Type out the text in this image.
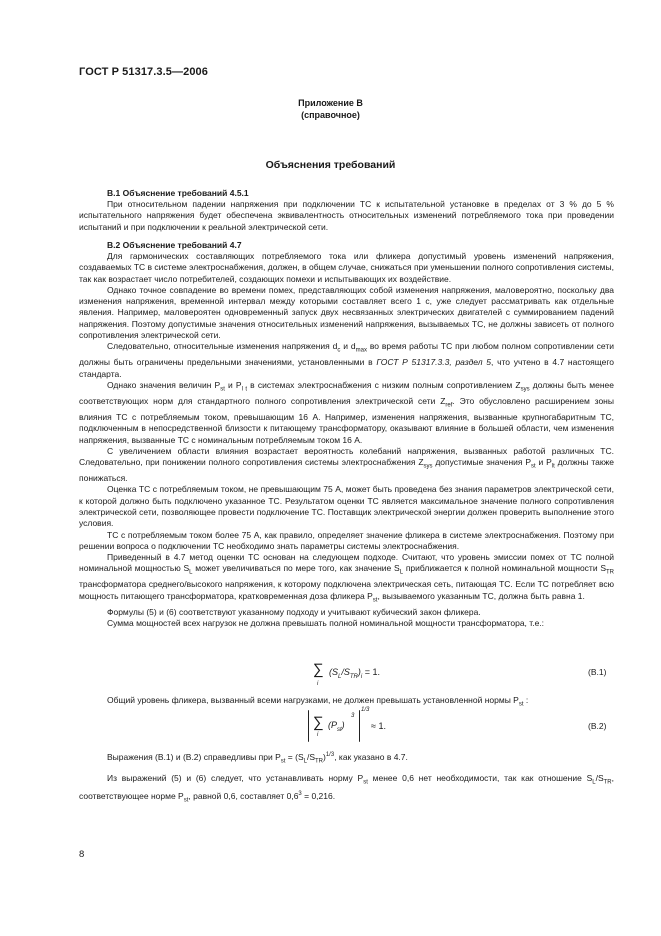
ГОСТ Р 51317.3.5—2006
Приложение В
(справочное)
Объяснения требований
В.1 Объяснение требований 4.5.1

При относительном падении напряжения при подключении ТС к испытательной установке в пределах от 3 % до 5 % испытательного напряжения будет обеспечена эквивалентность относительных изменений потребляемого тока при проведении испытаний и при подключении к реальной электрической сети.

В.2 Объяснение требований 4.7

Для гармонических составляющих потребляемого тока или фликера допустимый уровень изменений напряжения, создаваемых ТС в системе электроснабжения, должен, в общем случае, снижаться при уменьшении полного сопротивления системы, так как возрастает число потребителей, создающих помехи и испытывающих их воздействие.

Однако точное совпадение во времени помех, представляющих собой изменения напряжения, маловероятно, поскольку два изменения напряжения, временной интервал между которыми составляет всего 1 с, уже следует рассматривать как отдельные явления. Например, маловероятен одновременный запуск двух несвязанных электрических двигателей с суммированием падений напряжения. Поэтому допустимые значения относительных изменений напряжения, вызываемых ТС, не должны зависеть от полного сопротивления электрической сети.

Следовательно, относительные изменения напряжения $d_c$ и $d_{max}$ во время работы ТС при любом полном сопротивлении сети должны быть ограничены предельными значениями, установленными в ГОСТ Р 51317.3.3, раздел 5, что учтено в 4.7 настоящего стандарта.

Однако значения величин $P_{st}$ и $P_{l t}$ в системах электроснабжения с низким полным сопротивлением $Z_{sys}$ должны быть менее соответствующих норм для стандартного полного сопротивления электрической сети $Z_{ref}$. Это обусловлено расширением зоны влияния ТС с потребляемым током, превышающим 16 А. Например, изменения напряжения, вызванные крупногабаритным ТС, подключенным в непосредственной близости к питающему трансформатору, оказывают влияние в большей области, чем изменения напряжения, вызванные ТС с номинальным потребляемым током 16 А.

С увеличением области влияния возрастает вероятность колебаний напряжения, вызванных работой различных ТС. Следовательно, при понижении полного сопротивления системы электроснабжения $Z_{sys}$ допустимые значения $P_{st}$ и $P_{lt}$ должны также понижаться.

Оценка ТС с потребляемым током, не превышающим 75 А, может быть проведена без знания параметров электрической сети, к которой должно быть подключено указанное ТС. Результатом оценки ТС является максимальное значение полного сопротивления электрической сети, позволяющее провести подключение ТС. Поставщик электрической энергии должен проверить выполнение этого условия.

ТС с потребляемым током более 75 А, как правило, определяет значение фликера в системе электроснабжения. Поэтому при решении вопроса о подключении ТС необходимо знать параметры системы электроснабжения.

Приведенный в 4.7 метод оценки ТС основан на следующем подходе. Считают, что уровень эмиссии помех от ТС полной номинальной мощностью $S_L$ может увеличиваться по мере того, как значение $S_L$ приближается к полной номинальной мощности $S_{TR}$ трансформатора среднего/высокого напряжения, к которому подключена электрическая сеть, питающая ТС. Если ТС потребляет всю мощность питающего трансформатора, кратковременная доза фликера $P_{st}$, вызываемого указанным ТС, должна быть равна 1.

Формулы (5) и (6) соответствуют указанному подходу и учитывают кубический закон фликера.

Сумма мощностей всех нагрузок не должна превышать полной номинальной мощности трансформатора, т.е.:

∑
i
$(S_L/S_{TR})_i = 1$.	(В.1)

Общий уровень фликера, вызванный всеми нагрузками, не должен превышать установленной нормы $P_{st}$ :

∑
i
$(P_{st})$
3
1/3
≈ 1.	(В.2)

Выражения (В.1) и (В.2) справедливы при $P_{st} = (S_L/S_{TR})^{1/3}$, как указано в 4.7.

Из выражений (5) и (6) следует, что устанавливать норму $P_{st}$ менее 0,6 нет необходимости, так как отношение $S_L/S_{TR}$, соответствующее норме $P_{st}$, равной 0,6, составляет $0,6^3 = 0,216$.

8
